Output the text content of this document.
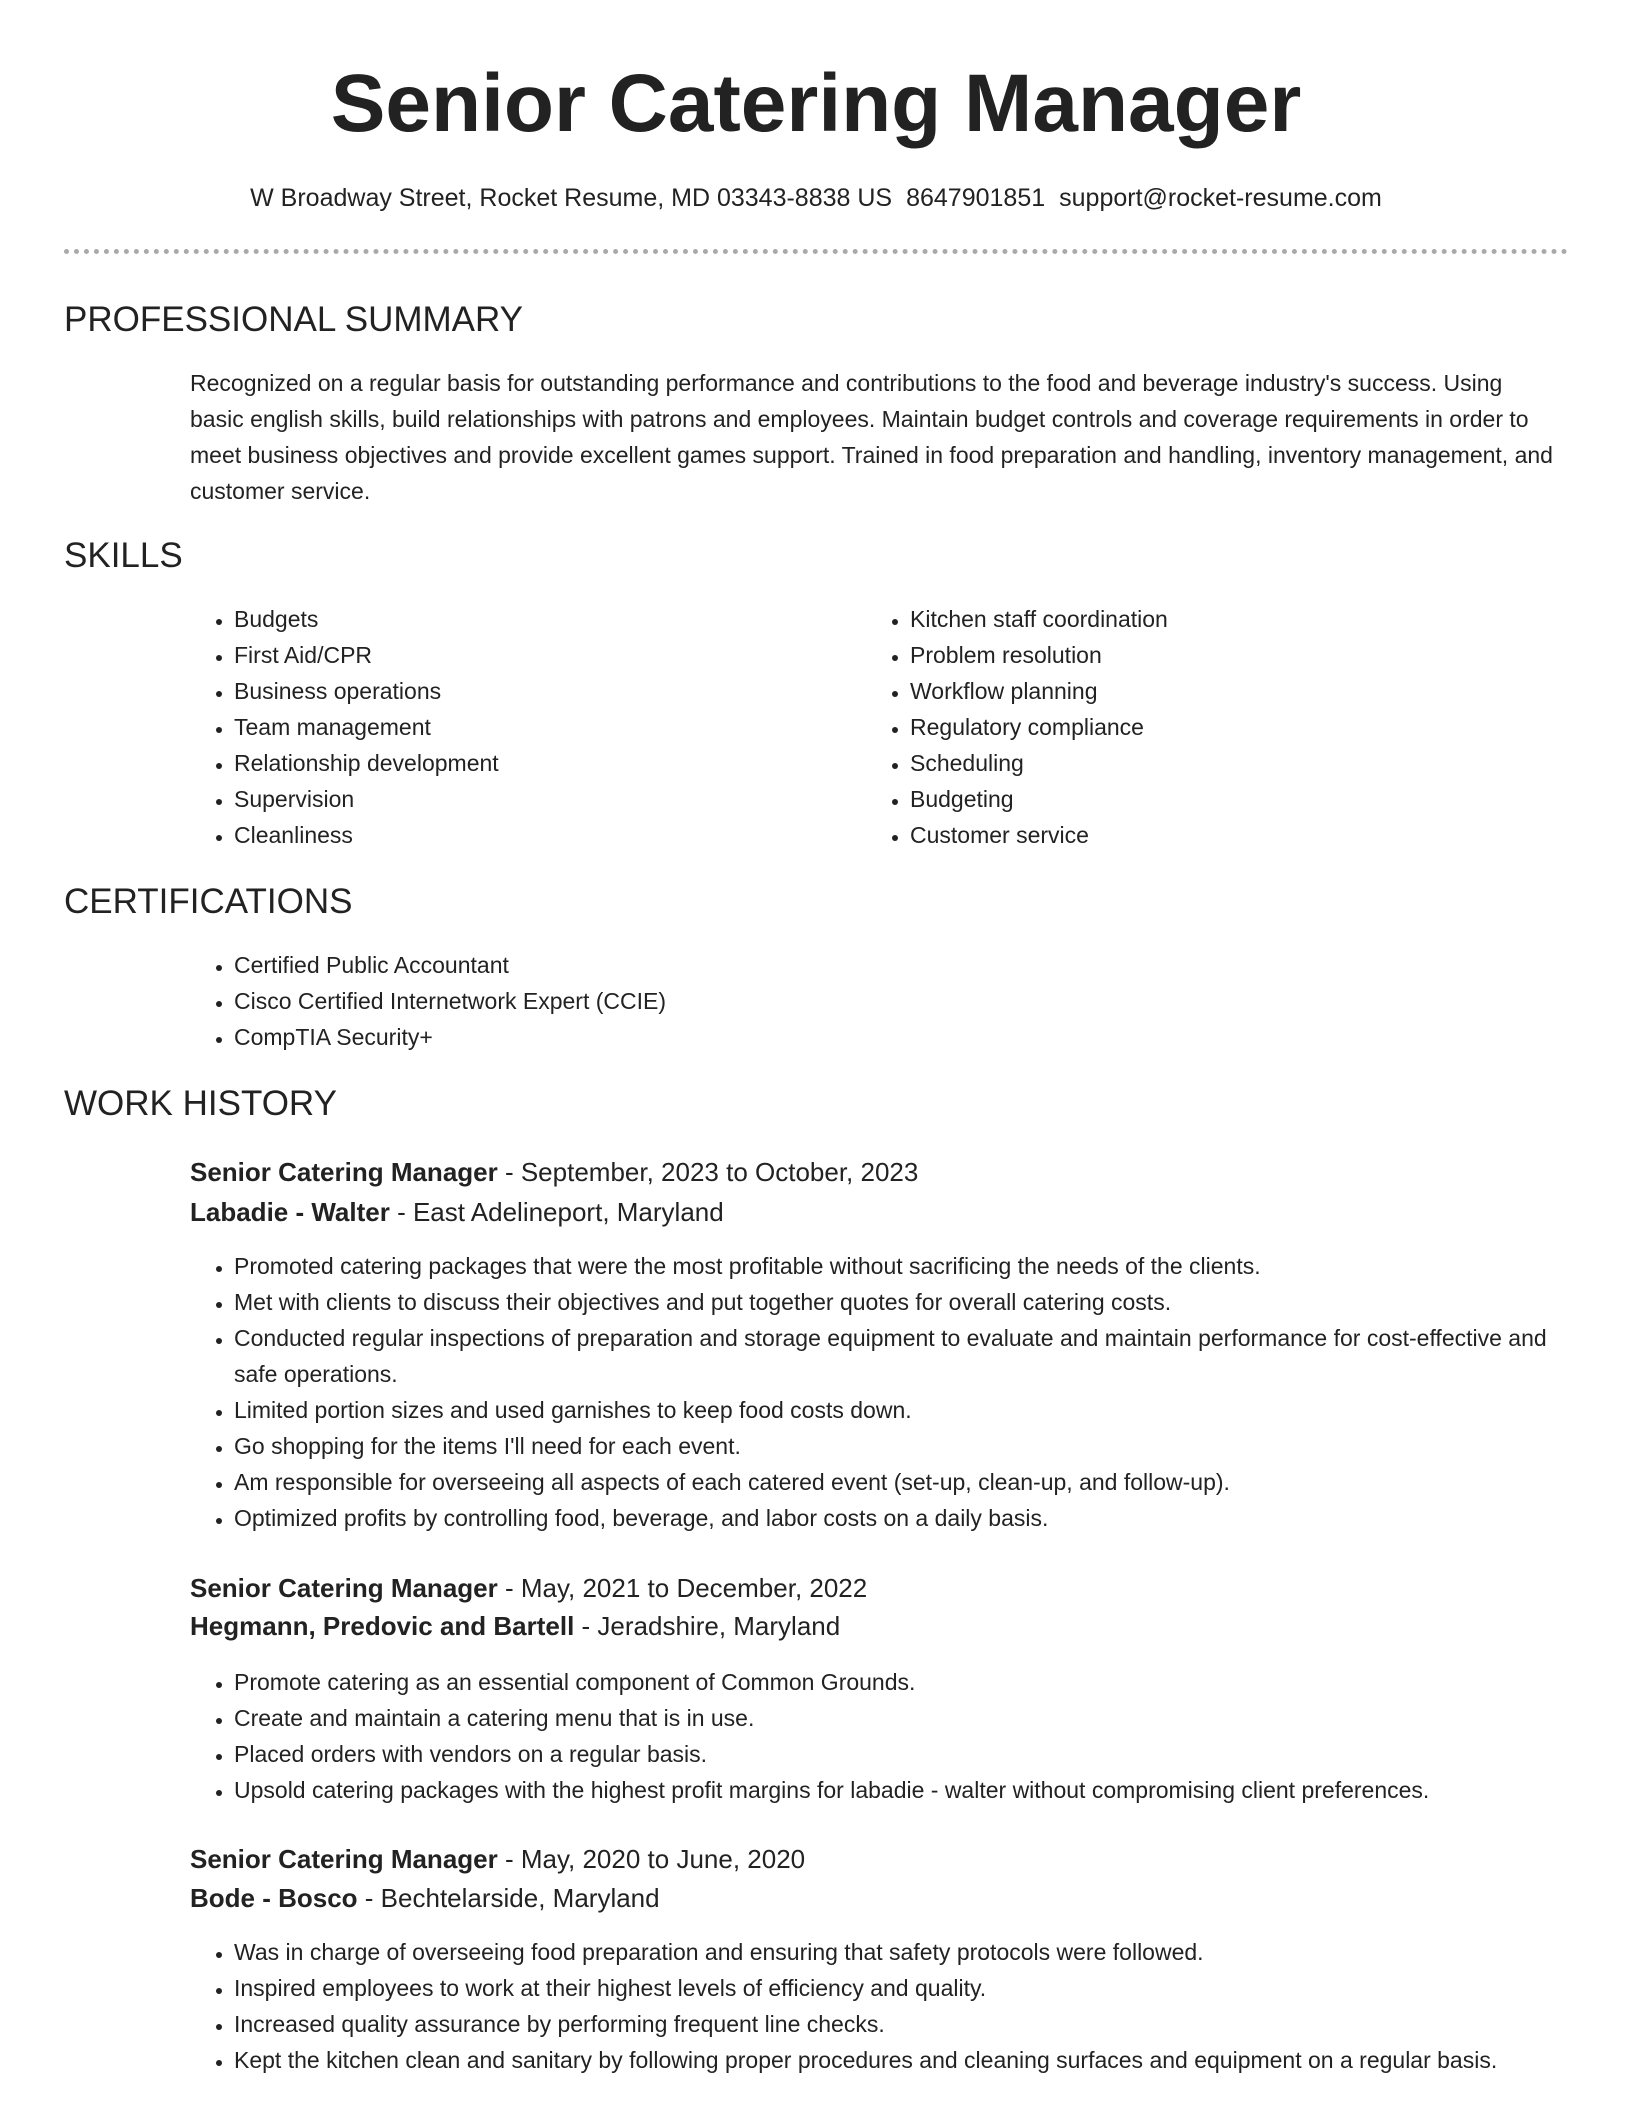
Senior Catering Manager
W Broadway Street, Rocket Resume, MD 03343-8838 US 8647901851 support@rocket-resume.com
PROFESSIONAL SUMMARY

Recognized on a regular basis for outstanding performance and contributions to the food and beverage industry's success. Using basic english skills, build relationships with patrons and employees. Maintain budget controls and coverage requirements in order to meet business objectives and provide excellent games support. Trained in food preparation and handling, inventory management, and customer service.

SKILLS
• Budgets
• First Aid/CPR
• Business operations
• Team management
• Relationship development
• Supervision
• Cleanliness
• Kitchen staff coordination
• Problem resolution
• Workflow planning
• Regulatory compliance
• Scheduling
• Budgeting
• Customer service
CERTIFICATIONS
• Certified Public Accountant
• Cisco Certified Internetwork Expert (CCIE)
• CompTIA Security+
WORK HISTORY
Senior Catering Manager - September, 2023 to October, 2023
Labadie - Walter - East Adelineport, Maryland
• Promoted catering packages that were the most profitable without sacrificing the needs of the clients.
• Met with clients to discuss their objectives and put together quotes for overall catering costs.
• Conducted regular inspections of preparation and storage equipment to evaluate and maintain performance for cost-effective and safe operations.
• Limited portion sizes and used garnishes to keep food costs down.
• Go shopping for the items I'll need for each event.
• Am responsible for overseeing all aspects of each catered event (set-up, clean-up, and follow-up).
• Optimized profits by controlling food, beverage, and labor costs on a daily basis.
Senior Catering Manager - May, 2021 to December, 2022
Hegmann, Predovic and Bartell - Jeradshire, Maryland
• Promote catering as an essential component of Common Grounds.
• Create and maintain a catering menu that is in use.
• Placed orders with vendors on a regular basis.
• Upsold catering packages with the highest profit margins for labadie - walter without compromising client preferences.
Senior Catering Manager - May, 2020 to June, 2020
Bode - Bosco - Bechtelarside, Maryland
• Was in charge of overseeing food preparation and ensuring that safety protocols were followed.
• Inspired employees to work at their highest levels of efficiency and quality.
• Increased quality assurance by performing frequent line checks.
• Kept the kitchen clean and sanitary by following proper procedures and cleaning surfaces and equipment on a regular basis.
